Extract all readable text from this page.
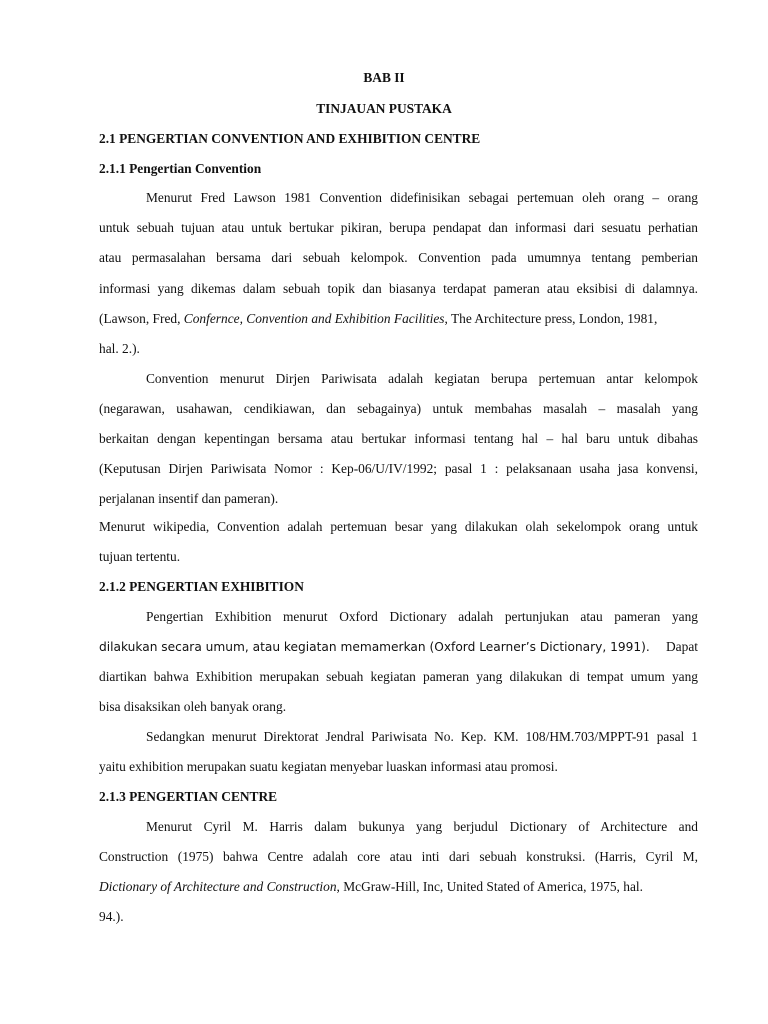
BAB II
TINJAUAN PUSTAKA
2.1 PENGERTIAN CONVENTION AND EXHIBITION CENTRE
2.1.1 Pengertian Convention
Menurut Fred Lawson 1981 Convention didefinisikan sebagai pertemuan oleh orang – orang
untuk sebuah tujuan atau untuk bertukar pikiran, berupa pendapat dan informasi dari sesuatu perhatian
atau permasalahan bersama dari sebuah kelompok. Convention pada umumnya tentang pemberian
informasi yang dikemas dalam sebuah topik dan biasanya terdapat pameran atau eksibisi di dalamnya.
(Lawson, Fred, Confernce, Convention and Exhibition Facilities, The Architecture press, London, 1981,
hal. 2.).
Convention menurut Dirjen Pariwisata adalah kegiatan berupa pertemuan antar kelompok
(negarawan, usahawan, cendikiawan, dan sebagainya) untuk membahas masalah – masalah yang
berkaitan dengan kepentingan bersama atau bertukar informasi tentang hal – hal baru untuk dibahas
(Keputusan Dirjen Pariwisata Nomor : Kep-06/U/IV/1992; pasal 1 : pelaksanaan usaha jasa konvensi,
perjalanan insentif dan pameran).
Menurut wikipedia, Convention adalah pertemuan besar yang dilakukan olah sekelompok orang untuk
tujuan tertentu.
2.1.2 PENGERTIAN EXHIBITION
Pengertian Exhibition menurut Oxford Dictionary adalah pertunjukan atau pameran yang
dilakukan secara umum, atau kegiatan memamerkan (Oxford Learner’s Dictionary, 1991). Dapat
diartikan bahwa Exhibition merupakan sebuah kegiatan pameran yang dilakukan di tempat umum yang
bisa disaksikan oleh banyak orang.
Sedangkan menurut Direktorat Jendral Pariwisata No. Kep. KM. 108/HM.703/MPPT-91 pasal 1
yaitu exhibition merupakan suatu kegiatan menyebar luaskan informasi atau promosi.
2.1.3 PENGERTIAN CENTRE
Menurut Cyril M. Harris dalam bukunya yang berjudul Dictionary of Architecture and
Construction (1975) bahwa Centre adalah core atau inti dari sebuah konstruksi. (Harris, Cyril M,
Dictionary of Architecture and Construction, McGraw-Hill, Inc, United Stated of America, 1975, hal.
94.).
